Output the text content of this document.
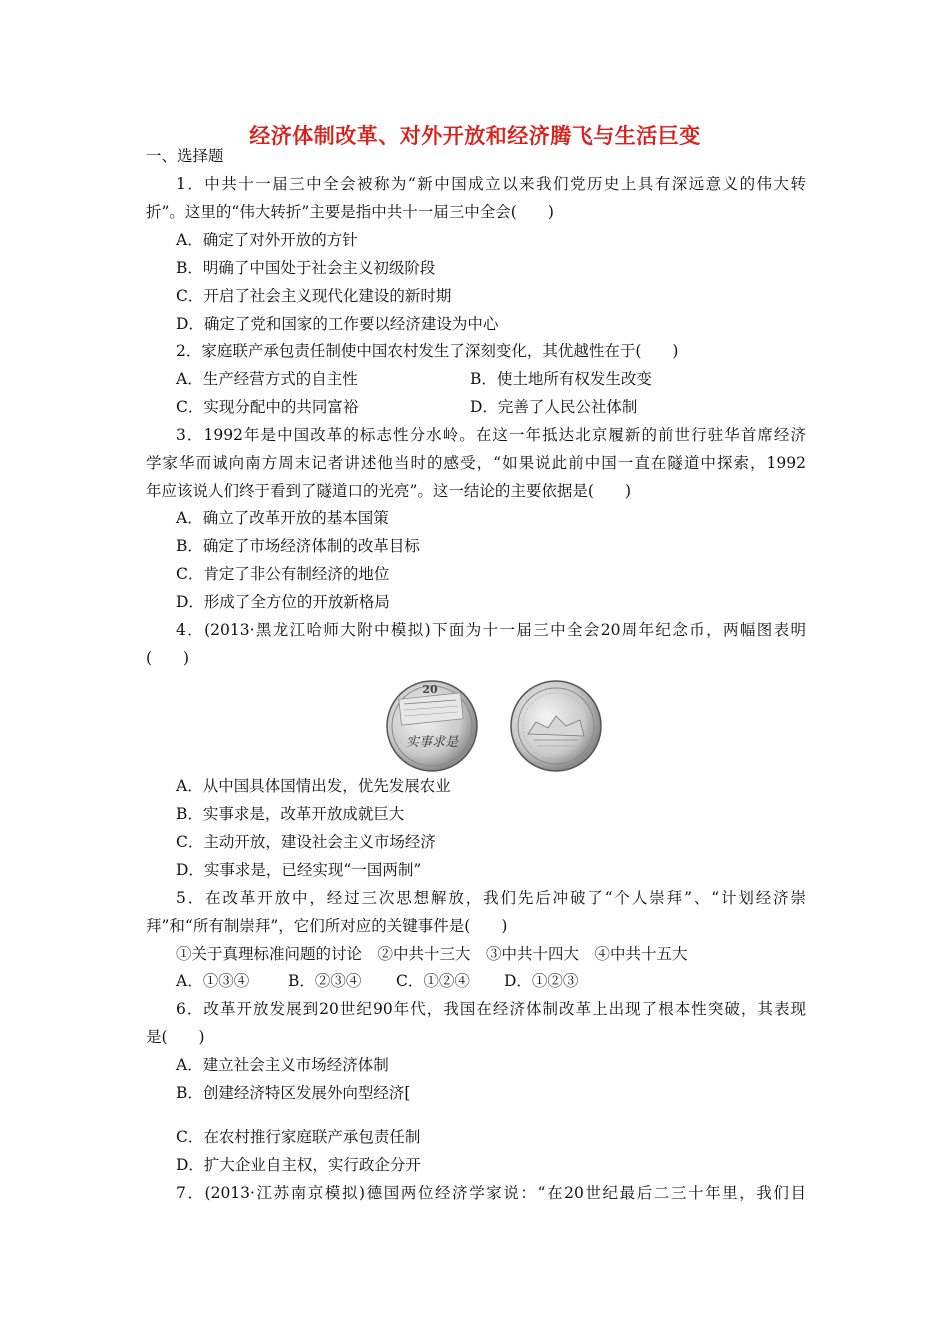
经济体制改革、对外开放和经济腾飞与生活巨变
一、选择题
1．中共十一届三中全会被称为“新中国成立以来我们党历史上具有深远意义的伟大转
折”。这里的“伟大转折”主要是指中共十一届三中全会(　　)
A．确定了对外开放的方针
B．明确了中国处于社会主义初级阶段
C．开启了社会主义现代化建设的新时期
D．确定了党和国家的工作要以经济建设为中心
2．家庭联产承包责任制使中国农村发生了深刻变化，其优越性在于(　　)
A．生产经营方式的自主性	B．使土地所有权发生改变
C．实现分配中的共同富裕	D．完善了人民公社体制
3．1992年是中国改革的标志性分水岭。在这一年抵达北京履新的前世行驻华首席经济
学家华而诚向南方周末记者讲述他当时的感受，“如果说此前中国一直在隧道中探索，1992
年应该说人们终于看到了隧道口的光亮”。这一结论的主要依据是(　　)
A．确立了改革开放的基本国策
B．确定了市场经济体制的改革目标
C．肯定了非公有制经济的地位
D．形成了全方位的开放新格局
4．(2013·黑龙江哈师大附中模拟)下面为十一届三中全会20周年纪念币，两幅图表明
(　　)
20
实事求是
A．从中国具体国情出发，优先发展农业
B．实事求是，改革开放成就巨大
C．主动开放，建设社会主义市场经济
D．实事求是，已经实现“一国两制”
5．在改革开放中，经过三次思想解放，我们先后冲破了“个人崇拜”、“计划经济崇
拜”和“所有制崇拜”，它们所对应的关键事件是(　　)
①关于真理标准问题的讨论　②中共十三大　③中共十四大　④中共十五大
A．①③④	B．②③④ C．①②④ D．①②③
6．改革开放发展到20世纪90年代，我国在经济体制改革上出现了根本性突破，其表现
是(　　)
A．建立社会主义市场经济体制
B．创建经济特区发展外向型经济[
C．在农村推行家庭联产承包责任制
D．扩大企业自主权，实行政企分开
7．(2013·江苏南京模拟)德国两位经济学家说：“在20世纪最后二三十年里，我们目
